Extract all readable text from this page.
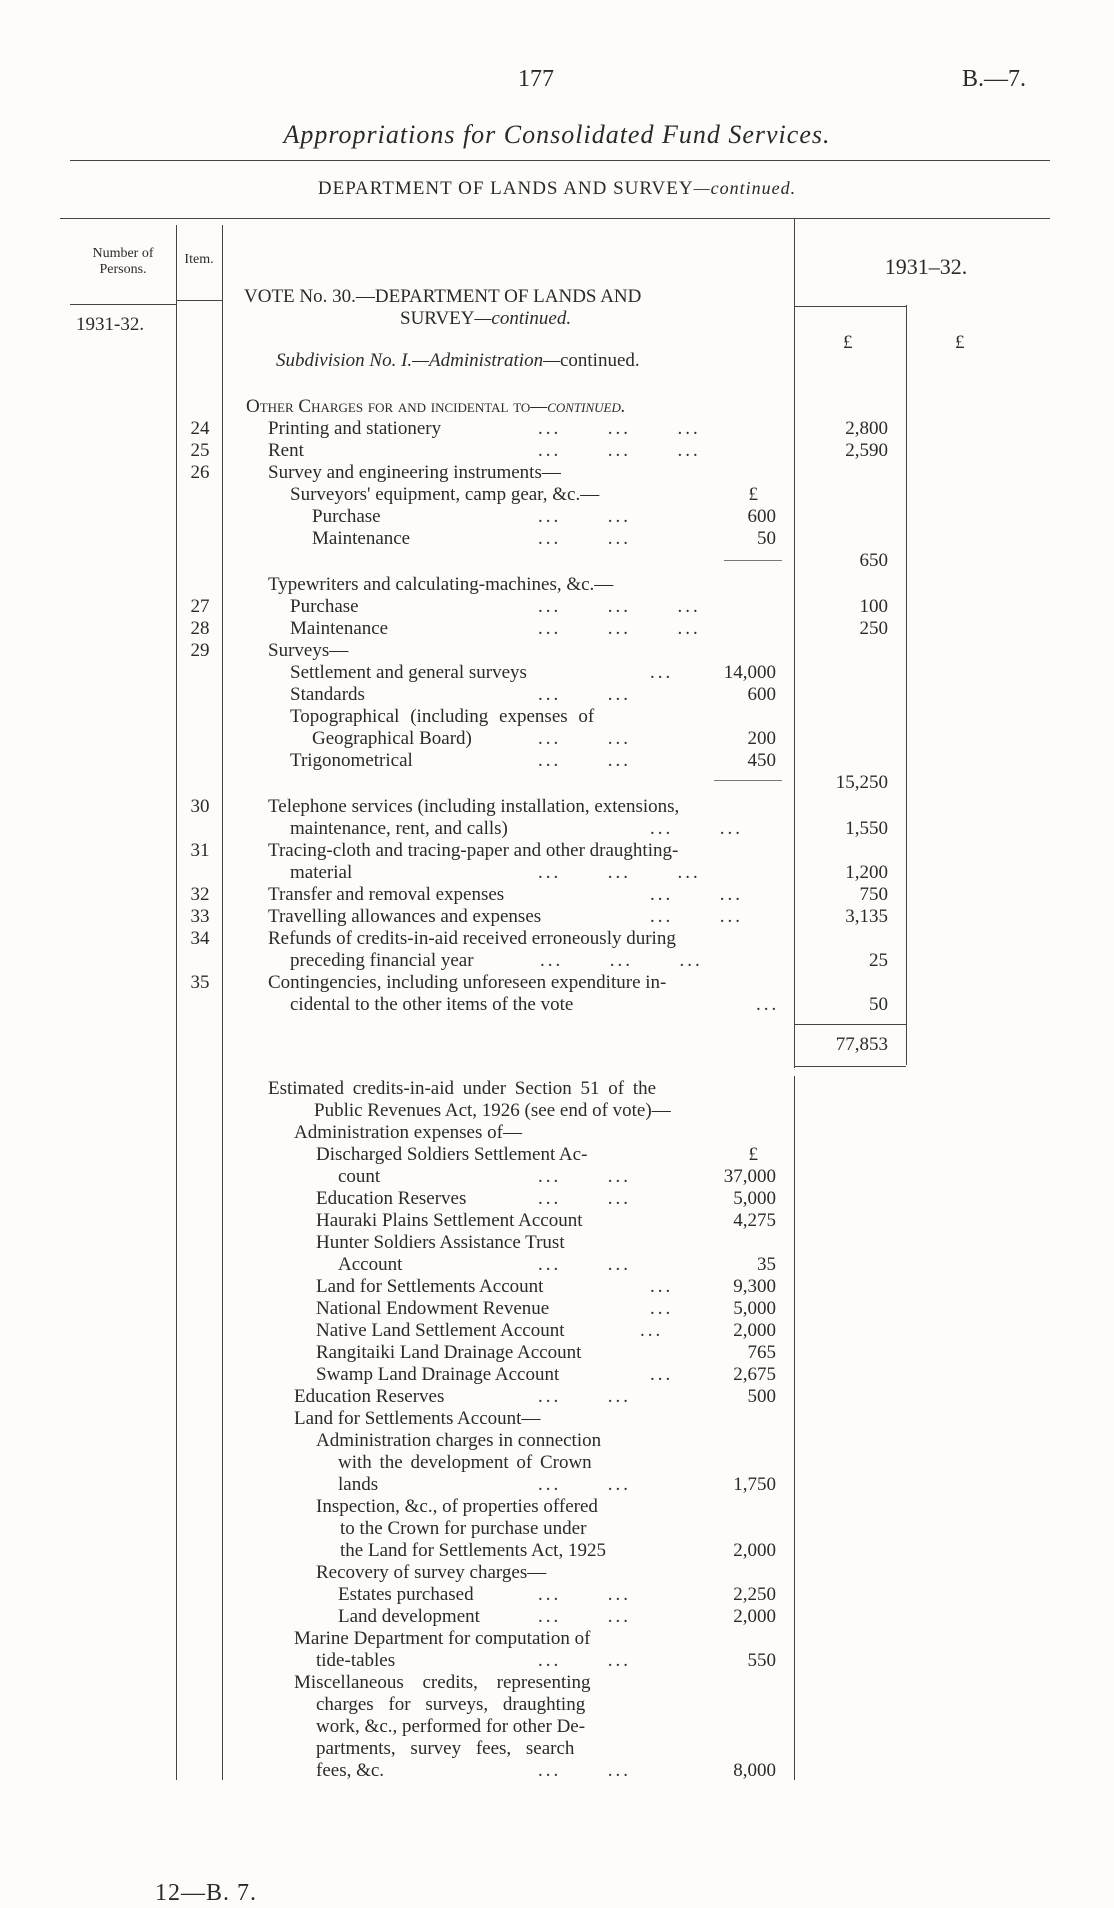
177	B.—7.
Appropriations for Consolidated Fund Services.
DEPARTMENT OF LANDS AND SURVEY—continued.
Number of Persons.
1931-32.
Item.	1931–32.
£	£
VOTE No. 30.—DEPARTMENT OF LANDS AND
SURVEY—continued.
Subdivision No. I.—Administration—continued.
Other Charges for and incidental to—continued.
24	Printing and stationery	...      ...      ...	2,800
25	Rent	...      ...      ...	2,590
26	Survey and engineering instruments—
Surveyors' equipment, camp gear, &c.—	£
Purchase	...      ...	600
Maintenance	...      ...	50
650
Typewriters and calculating-machines, &c.—
27	Purchase	...      ...      ...	100
28	Maintenance	...      ...      ...	250
29	Surveys—
Settlement and general surveys	...	14,000
Standards	...      ...	600
Topographical (including expenses of
Geographical Board)	...      ...	200
Trigonometrical	...      ...	450
15,250
30	Telephone services (including installation, extensions,
maintenance, rent, and calls)	...      ...	1,550
31	Tracing-cloth and tracing-paper and other draughting-
material	...      ...      ...	1,200
32	Transfer and removal expenses	...      ...	750
33	Travelling allowances and expenses	...      ...	3,135
34	Refunds of credits-in-aid received erroneously during
preceding financial year	...      ...      ...	25
35	Contingencies, including unforeseen expenditure in-
cidental to the other items of the vote	...	50
77,853
Estimated credits-in-aid under Section 51 of the
Public Revenues Act, 1926 (see end of vote)—
Administration expenses of—
£
Discharged Soldiers Settlement Ac-
count	...      ...	37,000
Education Reserves	...      ...	5,000
Hauraki Plains Settlement Account	4,275
Hunter Soldiers Assistance Trust
Account	...      ...	35
Land for Settlements Account	...	9,300
National Endowment Revenue	...	5,000
Native Land Settlement Account	...	2,000
Rangitaiki Land Drainage Account	765
Swamp Land Drainage Account	...	2,675
Education Reserves	...      ...	500
Land for Settlements Account—
Administration charges in connection
with the development of Crown
lands	...      ...	1,750
Inspection, &c., of properties offered
to the Crown for purchase under
the Land for Settlements Act, 1925	2,000
Recovery of survey charges—
Estates purchased	...      ...	2,250
Land development	...      ...	2,000
Marine Department for computation of
tide-tables	...      ...	550
Miscellaneous credits, representing
charges for surveys, draughting
work, &c., performed for other De-
partments, survey fees, search
fees, &c.	...      ...	8,000
12—B. 7.
